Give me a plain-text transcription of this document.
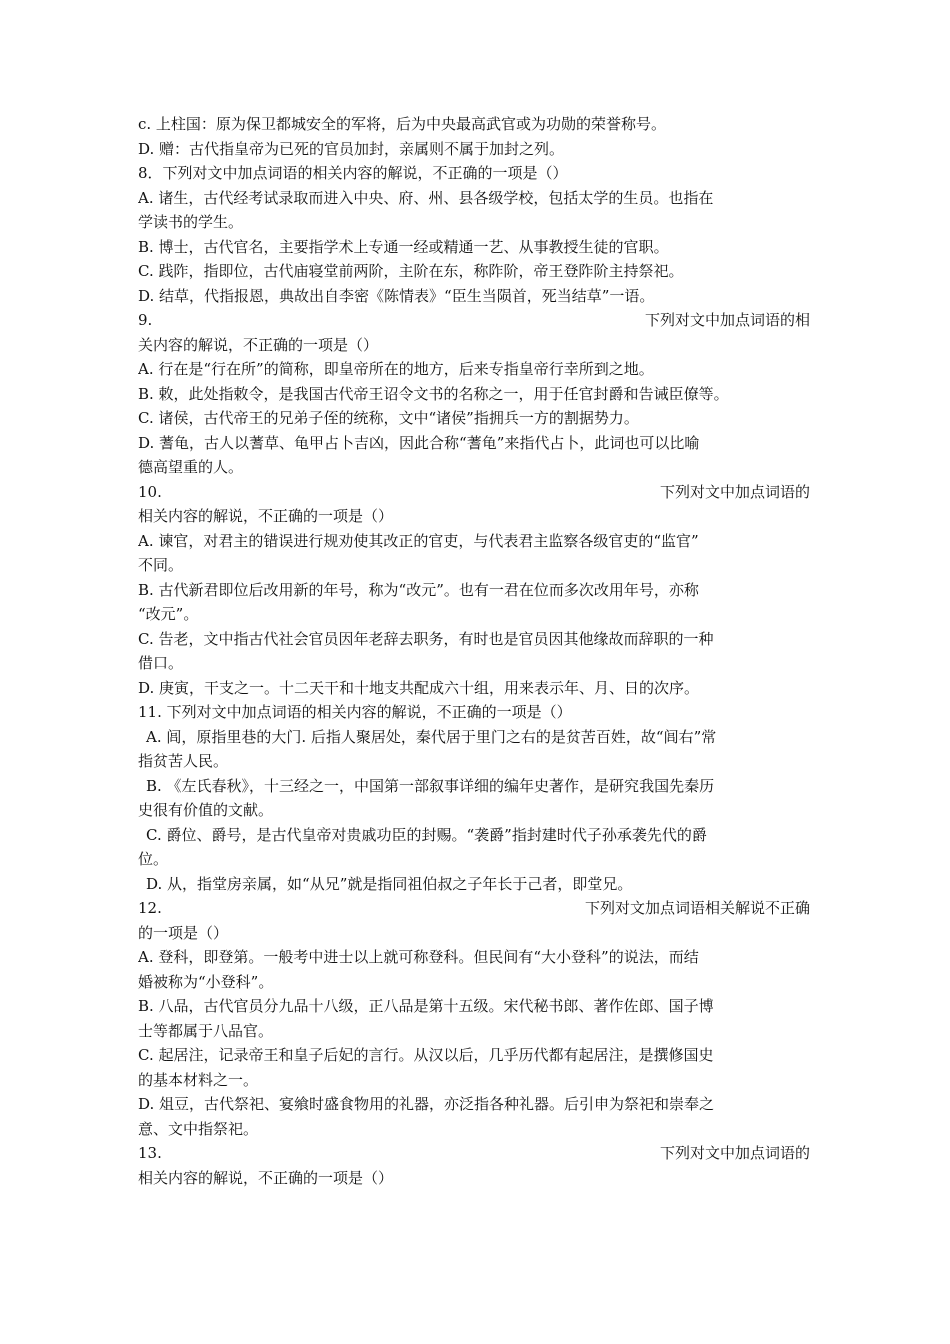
c. 上柱国：原为保卫都城安全的军将，后为中央最高武官或为功勋的荣誉称号。
D. 赠：古代指皇帝为已死的官员加封，亲属则不属于加封之列。
8．下列对文中加点词语的相关内容的解说，不正确的一项是（）
A. 诸生，古代经考试录取而进入中央、府、州、县各级学校，包括太学的生员。也指在
学读书的学生。
B. 博士，古代官名，主要指学术上专通一经或精通一艺、从事教授生徒的官职。
C. 践阼，指即位，古代庙寝堂前两阶，主阶在东，称阼阶，帝王登阼阶主持祭祀。
D. 结草，代指报恩，典故出自李密《陈情表》“臣生当陨首，死当结草”一语。
9.	下列对文中加点词语的相
关内容的解说，不正确的一项是（）
A. 行在是“行在所”的简称，即皇帝所在的地方，后来专指皇帝行幸所到之地。
B. 敕，此处指敕令，是我国古代帝王诏令文书的名称之一，用于任官封爵和告诫臣僚等。
C. 诸侯，古代帝王的兄弟子侄的统称，文中“诸侯”指拥兵一方的割据势力。
D. 蓍龟，古人以蓍草、龟甲占卜吉凶，因此合称“蓍龟”来指代占卜，此词也可以比喻
德高望重的人。
10.	下列对文中加点词语的
相关内容的解说，不正确的一项是（）
A. 谏官，对君主的错误进行规劝使其改正的官吏，与代表君主监察各级官吏的“监官”
不同。
B. 古代新君即位后改用新的年号，称为“改元”。也有一君在位而多次改用年号，亦称
“改元”。
C. 告老，文中指古代社会官员因年老辞去职务，有时也是官员因其他缘故而辞职的一种
借口。
D. 庚寅，干支之一。十二天干和十地支共配成六十组，用来表示年、月、日的次序。
11. 下列对文中加点词语的相关内容的解说，不正确的一项是（）
A. 闾，原指里巷的大门. 后指人聚居处，秦代居于里门之右的是贫苦百姓，故“闾右”常
指贫苦人民。
B. 《左氏春秋》，十三经之一，中国第一部叙事详细的编年史著作，是研究我国先秦历
史很有价值的文献。
C. 爵位、爵号，是古代皇帝对贵戚功臣的封赐。“袭爵”指封建时代子孙承袭先代的爵
位。
D. 从，指堂房亲属，如“从兄”就是指同祖伯叔之子年长于己者，即堂兄。
12.	下列对文加点词语相关解说不正确
的一项是（）
A. 登科，即登第。一般考中进士以上就可称登科。但民间有“大小登科”的说法，而结
婚被称为“小登科”。
B. 八品，古代官员分九品十八级，正八品是第十五级。宋代秘书郎、著作佐郎、国子博
士等都属于八品官。
C. 起居注，记录帝王和皇子后妃的言行。从汉以后，几乎历代都有起居注，是撰修国史
的基本材料之一。
D. 俎豆，古代祭祀、宴飨时盛食物用的礼器，亦泛指各种礼器。后引申为祭祀和崇奉之
意、文中指祭祀。
13.	下列对文中加点词语的
相关内容的解说，不正确的一项是（）
